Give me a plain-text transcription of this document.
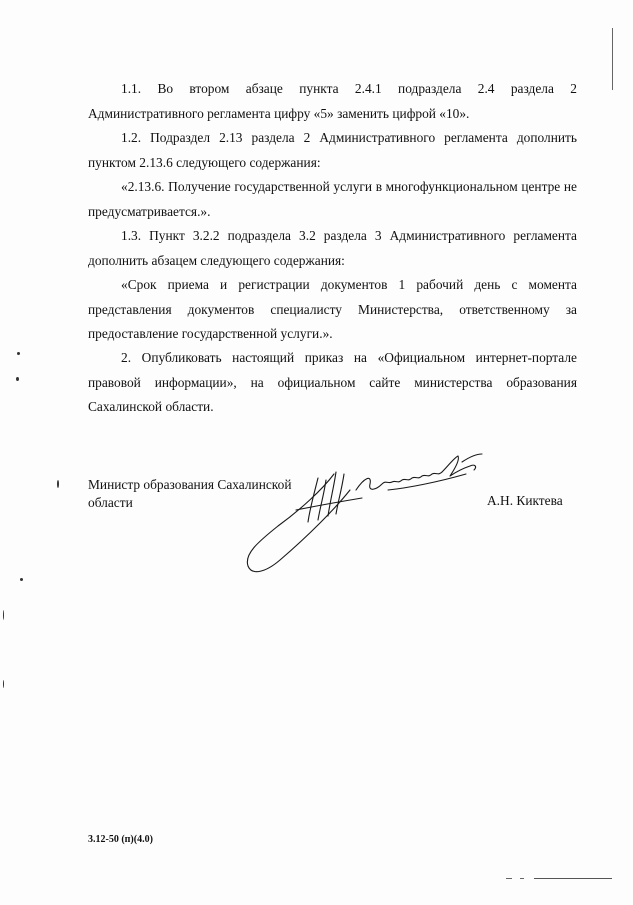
1.1. Во втором абзаце пункта 2.4.1 подраздела 2.4 раздела 2 Административного регламента цифру «5» заменить цифрой «10».

1.2. Подраздел 2.13 раздела 2 Административного регламента дополнить пунктом 2.13.6 следующего содержания:

«2.13.6. Получение государственной услуги в многофункциональном центре не предусматривается.».

1.3. Пункт 3.2.2 подраздела 3.2 раздела 3 Административного регламента дополнить абзацем следующего содержания:

«Срок приема и регистрации документов 1 рабочий день с момента представления документов специалисту Министерства, ответственному за предоставление государственной услуги.».

2. Опубликовать настоящий приказ на «Официальном интернет-портале правовой информации», на официальном сайте министерства образования Сахалинской области.

Министр образования Сахалинской области	А.Н. Киктева
3.12-50 (п)(4.0)
